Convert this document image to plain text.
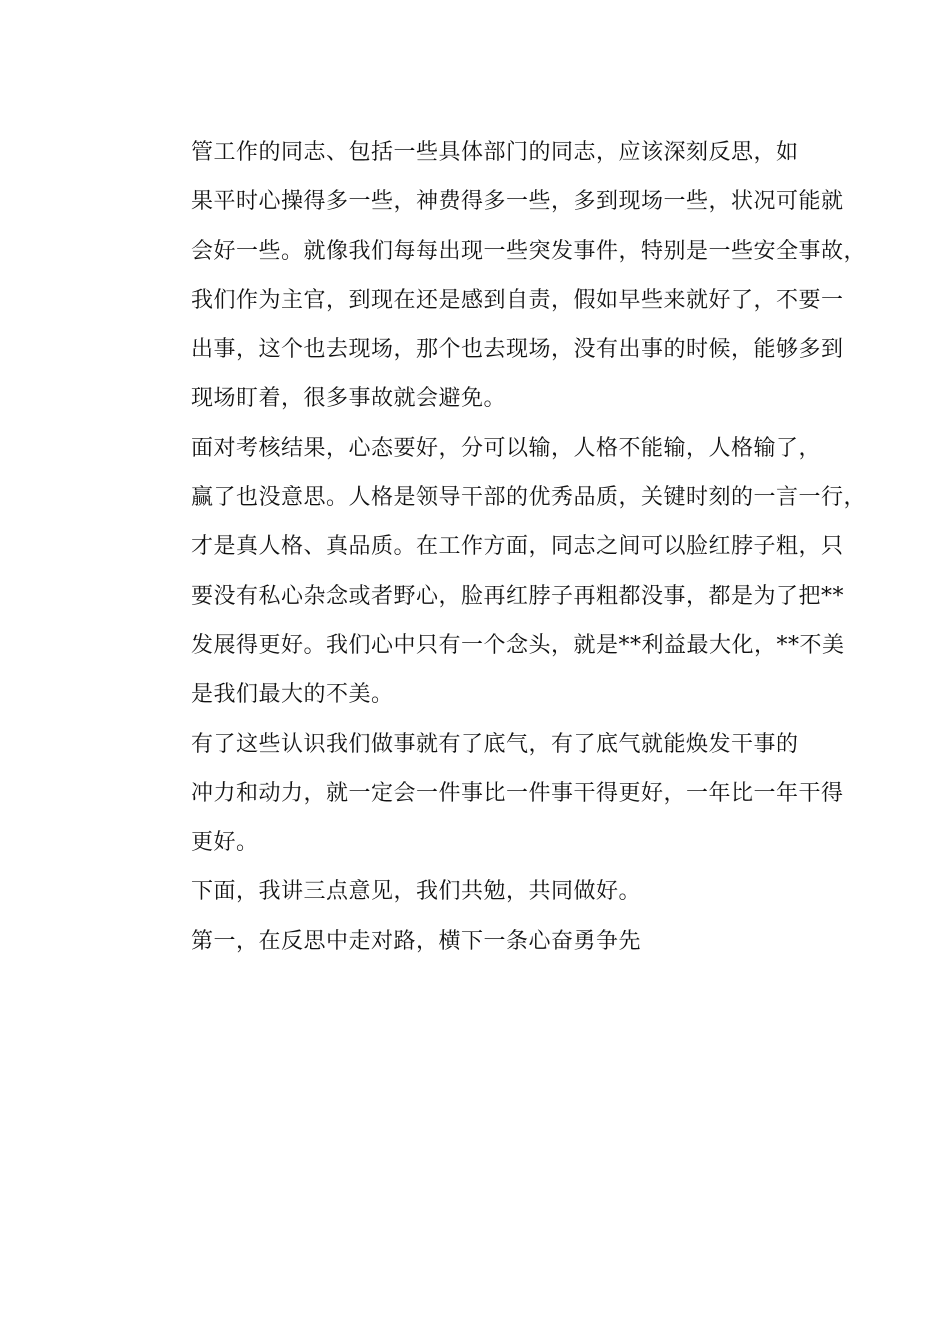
管工作的同志、包括一些具体部门的同志，应该深刻反思，如
果平时心操得多一些，神费得多一些，多到现场一些，状况可能就
会好一些。就像我们每每出现一些突发事件，特别是一些安全事故，
我们作为主官，到现在还是感到自责，假如早些来就好了，不要一
出事，这个也去现场，那个也去现场，没有出事的时候，能够多到
现场盯着，很多事故就会避免。

面对考核结果，心态要好，分可以输，人格不能输，人格输了，
赢了也没意思。人格是领导干部的优秀品质，关键时刻的一言一行，
才是真人格、真品质。在工作方面，同志之间可以脸红脖子粗，只
要没有私心杂念或者野心，脸再红脖子再粗都没事，都是为了把**
发展得更好。我们心中只有一个念头，就是**利益最大化，**不美
是我们最大的不美。

有了这些认识我们做事就有了底气，有了底气就能焕发干事的
冲力和动力，就一定会一件事比一件事干得更好，一年比一年干得
更好。

下面，我讲三点意见，我们共勉，共同做好。

第一，在反思中走对路，横下一条心奋勇争先
